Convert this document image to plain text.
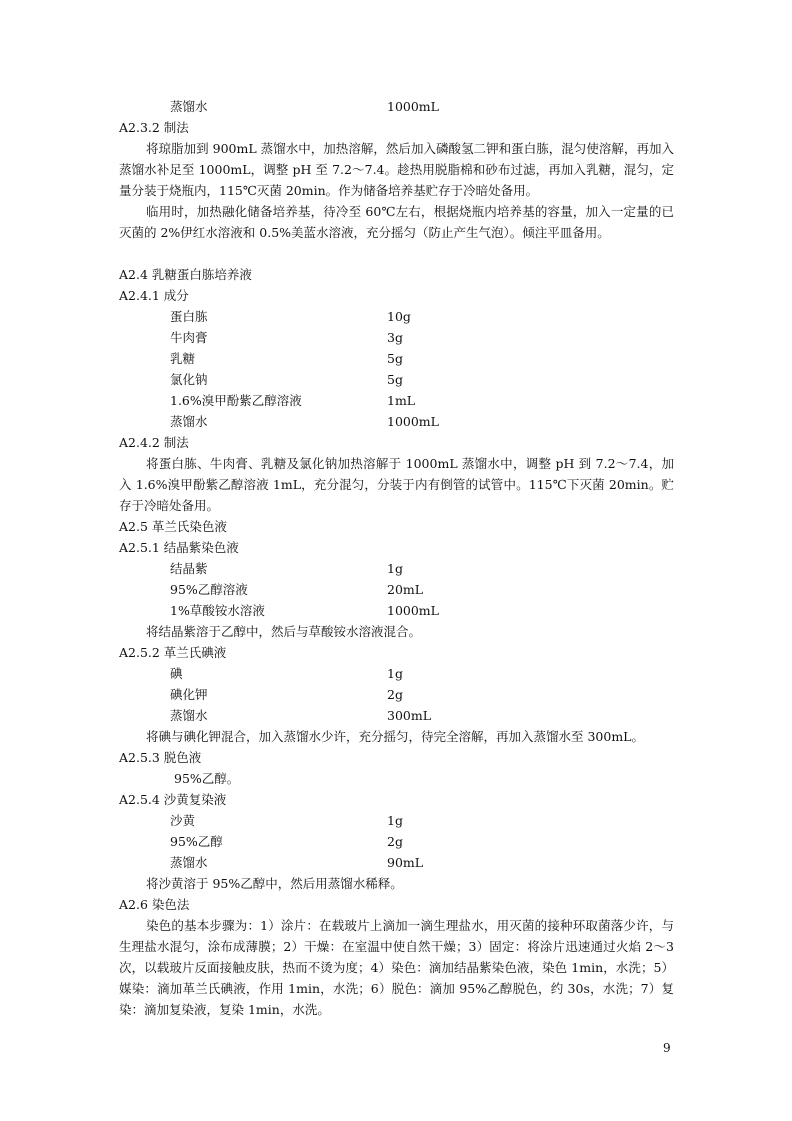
蒸馏水	1000mL
A2.3.2 制法
将琼脂加到 900mL 蒸馏水中，加热溶解，然后加入磷酸氢二钾和蛋白胨，混匀使溶解，再加入蒸馏水补足至 1000mL，调整 pH 至 7.2～7.4。趁热用脱脂棉和砂布过滤，再加入乳糖，混匀，定量分装于烧瓶内，115℃灭菌 20min。作为储备培养基贮存于冷暗处备用。
临用时，加热融化储备培养基，待冷至 60℃左右，根据烧瓶内培养基的容量，加入一定量的已灭菌的 2%伊红水溶液和 0.5%美蓝水溶液，充分摇匀（防止产生气泡）。倾注平皿备用。
A2.4 乳糖蛋白胨培养液
A2.4.1 成分
蛋白胨	10g
牛肉膏	3g
乳糖	5g
氯化钠	5g
1.6%溴甲酚紫乙醇溶液	1mL
蒸馏水	1000mL
A2.4.2 制法
将蛋白胨、牛肉膏、乳糖及氯化钠加热溶解于 1000mL 蒸馏水中，调整 pH 到 7.2～7.4，加入 1.6%溴甲酚紫乙醇溶液 1mL，充分混匀，分装于内有倒管的试管中。115℃下灭菌 20min。贮存于冷暗处备用。
A2.5 革兰氏染色液
A2.5.1 结晶紫染色液
结晶紫	1g
95%乙醇溶液	20mL
1%草酸铵水溶液	1000mL
将结晶紫溶于乙醇中，然后与草酸铵水溶液混合。
A2.5.2 革兰氏碘液
碘	1g
碘化钾	2g
蒸馏水	300mL
将碘与碘化钾混合，加入蒸馏水少许，充分摇匀，待完全溶解，再加入蒸馏水至 300mL。
A2.5.3 脱色液
95%乙醇。
A2.5.4 沙黄复染液
沙黄	1g
95%乙醇	2g
蒸馏水	90mL
将沙黄溶于 95%乙醇中，然后用蒸馏水稀释。
A2.6 染色法
染色的基本步骤为：1）涂片：在载玻片上滴加一滴生理盐水，用灭菌的接种环取菌落少许，与生理盐水混匀，涂布成薄膜；2）干燥：在室温中使自然干燥；3）固定：将涂片迅速通过火焰 2～3 次，以载玻片反面接触皮肤，热而不烫为度；4）染色：滴加结晶紫染色液，染色 1min，水洗；5）媒染：滴加革兰氏碘液，作用 1min，水洗；6）脱色：滴加 95%乙醇脱色，约 30s，水洗；7）复染：滴加复染液，复染 1min，水洗。
9
